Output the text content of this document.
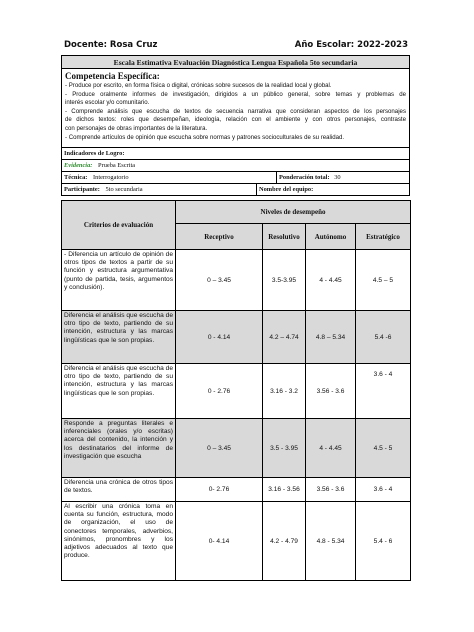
Docente: Rosa Cruz	Año Escolar: 2022-2023
Escala Estimativa Evaluación Diagnóstica Lengua Española 5to secundaria
Competencia Específica:
- Produce por escrito, en forma física o digital, crónicas sobre sucesos de la realidad local y global.
- Produce oralmente informes de investigación, dirigidos a un público general, sobre temas y problemas de
interés escolar y/o comunitario.
- Comprende análisis que escucha de textos de secuencia narrativa que consideran aspectos de los personajes
de dichos textos: roles que desempeñan, ideología, relación con el ambiente y con otros personajes, contraste
con personajes de obras importantes de la literatura.
- Comprende artículos de opinión que escucha sobre normas y patrones socioculturales de su realidad.
Indicadores de Logro:
Evidencia: Prueba Escrita
Técnica: Interrogatorio	Ponderación total: 30
Participante: 5to secundaria	Nombre del equipo:
Criterios de evaluación	Niveles de desempeño			
	Receptivo	Resolutivo	Autónomo	Estratégico
- Diferencia un artículo de opinión de otros tipos de textos a partir de su función y estructura argumentativa (punto de partida, tesis, argumentos y conclusión).	0 – 3.45	3.5-3.95	4 - 4.45	4.5 – 5
Diferencia el análisis que escucha de otro tipo de texto, partiendo de su intención, estructura y las marcas lingüísticas que le son propias.	0 - 4.14	4.2 – 4.74	4.8 – 5.34	5.4 -6
Diferencia el análisis que escucha de otro tipo de texto, partiendo de su intención, estructura y las marcas lingüísticas que le son propias.	0 - 2.76	3.16 - 3.2	3.56 - 3.6	3.6 - 4
Responde a preguntas literales e inferenciales (orales y/o escritas) acerca del contenido, la intención y los destinatarios del informe de investigación que escucha	0 – 3.45	3.5 - 3.95	4 - 4.45	4.5 - 5
Diferencia una crónica de otros tipos de textos.	0- 2.76	3.16 - 3.56	3.56 - 3.6	3.6 - 4
Al escribir una crónica toma en cuenta su función, estructura, modo de organización, el uso de conectores temporales, adverbios, sinónimos, pronombres y los adjetivos adecuados al texto que produce.	0- 4.14	4.2 - 4.79	4.8 - 5.34	5.4 - 6
